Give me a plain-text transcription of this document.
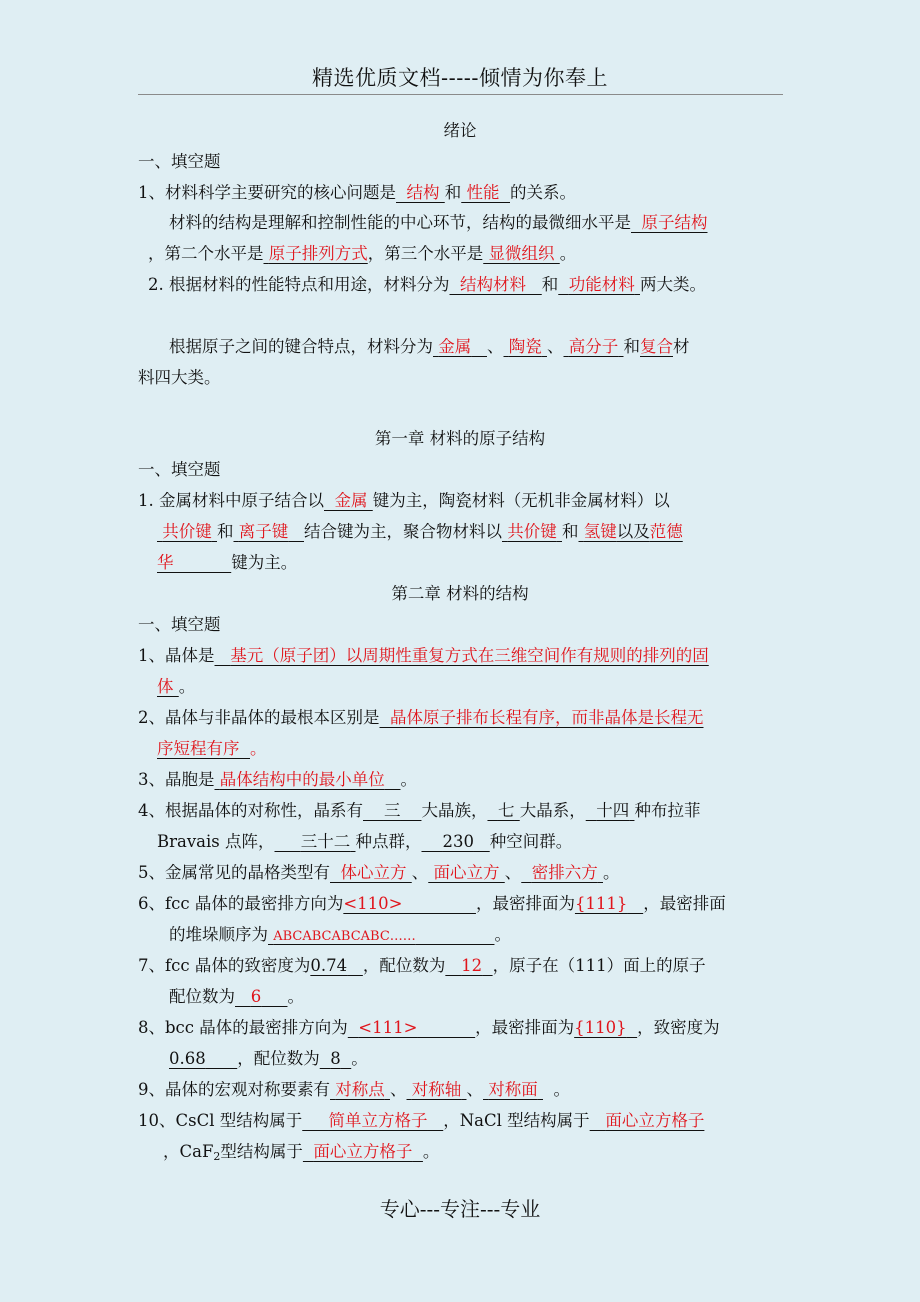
精选优质文档-----倾情为你奉上
绪论
一、填空题
1、材料科学主要研究的核心问题是 结构 和 性能 的关系。
材料的结构是理解和控制性能的中心环节，结构的最微细水平是 原子结构
，第二个水平是 原子排列方式，第三个水平是 显微组织 。
2. 根据材料的性能特点和用途，材料分为 结构材料 和 功能材料 两大类。
根据原子之间的键合特点，材料分为 金属 、 陶瓷 、 高分子 和复合材
料四大类。
第一章 材料的原子结构
一、填空题
1. 金属材料中原子结合以 金属 键为主，陶瓷材料（无机非金属材料）以
共价键 和 离子键 结合键为主，聚合物材料以 共价键 和 氢键以及范德
华	键为主。
第二章 材料的结构
一、填空题
1、晶体是 基元（原子团）以周期性重复方式在三维空间作有规则的排列的固
体 。
2、晶体与非晶体的最根本区别是 晶体原子排布长程有序，而非晶体是长程无
序短程有序 。
3、晶胞是 晶体结构中的最小单位 。
4、根据晶体的对称性，晶系有 三 大晶族， 七 大晶系， 十四 种布拉菲
Bravais 点阵， 三十二 种点群， 230 种空间群。
5、金属常见的晶格类型有 体心立方 、 面心立方 、 密排六方 。
6、fcc 晶体的最密排方向为<110>	，最密排面为{111} ，最密排面
的堆垛顺序为 ABCABCABCABC……	。
7、fcc 晶体的致密度为0.74 ，配位数为 12 ，原子在（111）面上的原子
配位数为 6 。
8、bcc 晶体的最密排方向为 <111>	，最密排面为{110} ，致密度为
0.68 ，配位数为 8 。
9、晶体的宏观对称要素有 对称点 、 对称轴 、 对称面 。
10、CsCl 型结构属于 简单立方格子 ，NaCl 型结构属于 面心立方格子
，CaF$_2$型结构属于 面心立方格子 。
专心---专注---专业
